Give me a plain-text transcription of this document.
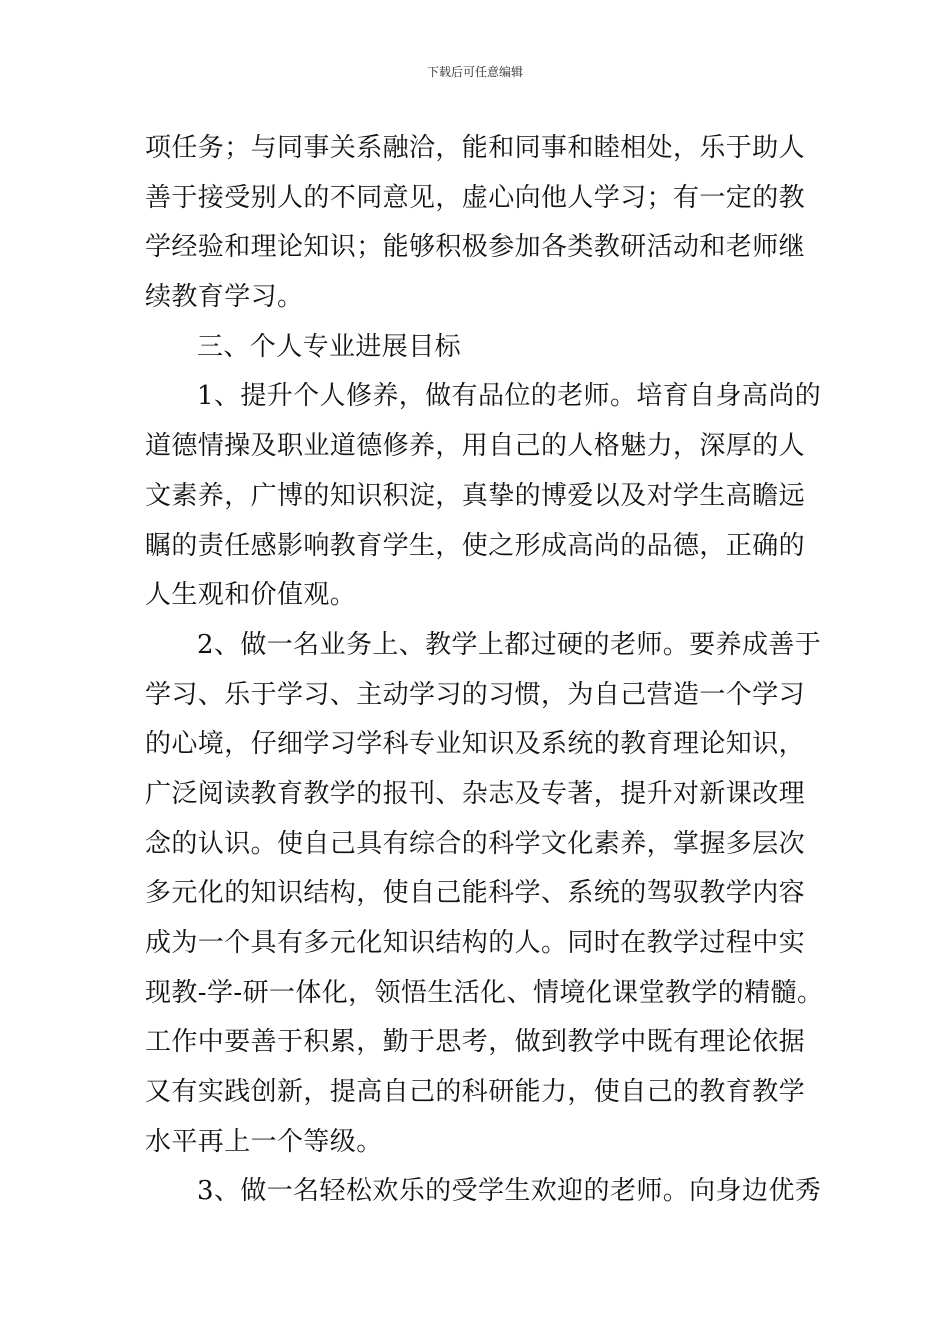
下载后可任意编辑
项任务；与同事关系融洽，能和同事和睦相处，乐于助人
善于接受别人的不同意见，虚心向他人学习；有一定的教
学经验和理论知识；能够积极参加各类教研活动和老师继
续教育学习。
三、个人专业进展目标
1、提升个人修养，做有品位的老师。培育自身高尚的
道德情操及职业道德修养，用自己的人格魅力，深厚的人
文素养，广博的知识积淀，真挚的博爱以及对学生高瞻远
瞩的责任感影响教育学生，使之形成高尚的品德，正确的
人生观和价值观。
2、做一名业务上、教学上都过硬的老师。要养成善于
学习、乐于学习、主动学习的习惯，为自己营造一个学习
的心境，仔细学习学科专业知识及系统的教育理论知识，
广泛阅读教育教学的报刊、杂志及专著，提升对新课改理
念的认识。使自己具有综合的科学文化素养，掌握多层次
多元化的知识结构，使自己能科学、系统的驾驭教学内容
成为一个具有多元化知识结构的人。同时在教学过程中实
现教-学-研一体化，领悟生活化、情境化课堂教学的精髓。
工作中要善于积累，勤于思考，做到教学中既有理论依据
又有实践创新，提高自己的科研能力，使自己的教育教学
水平再上一个等级。
3、做一名轻松欢乐的受学生欢迎的老师。向身边优秀
